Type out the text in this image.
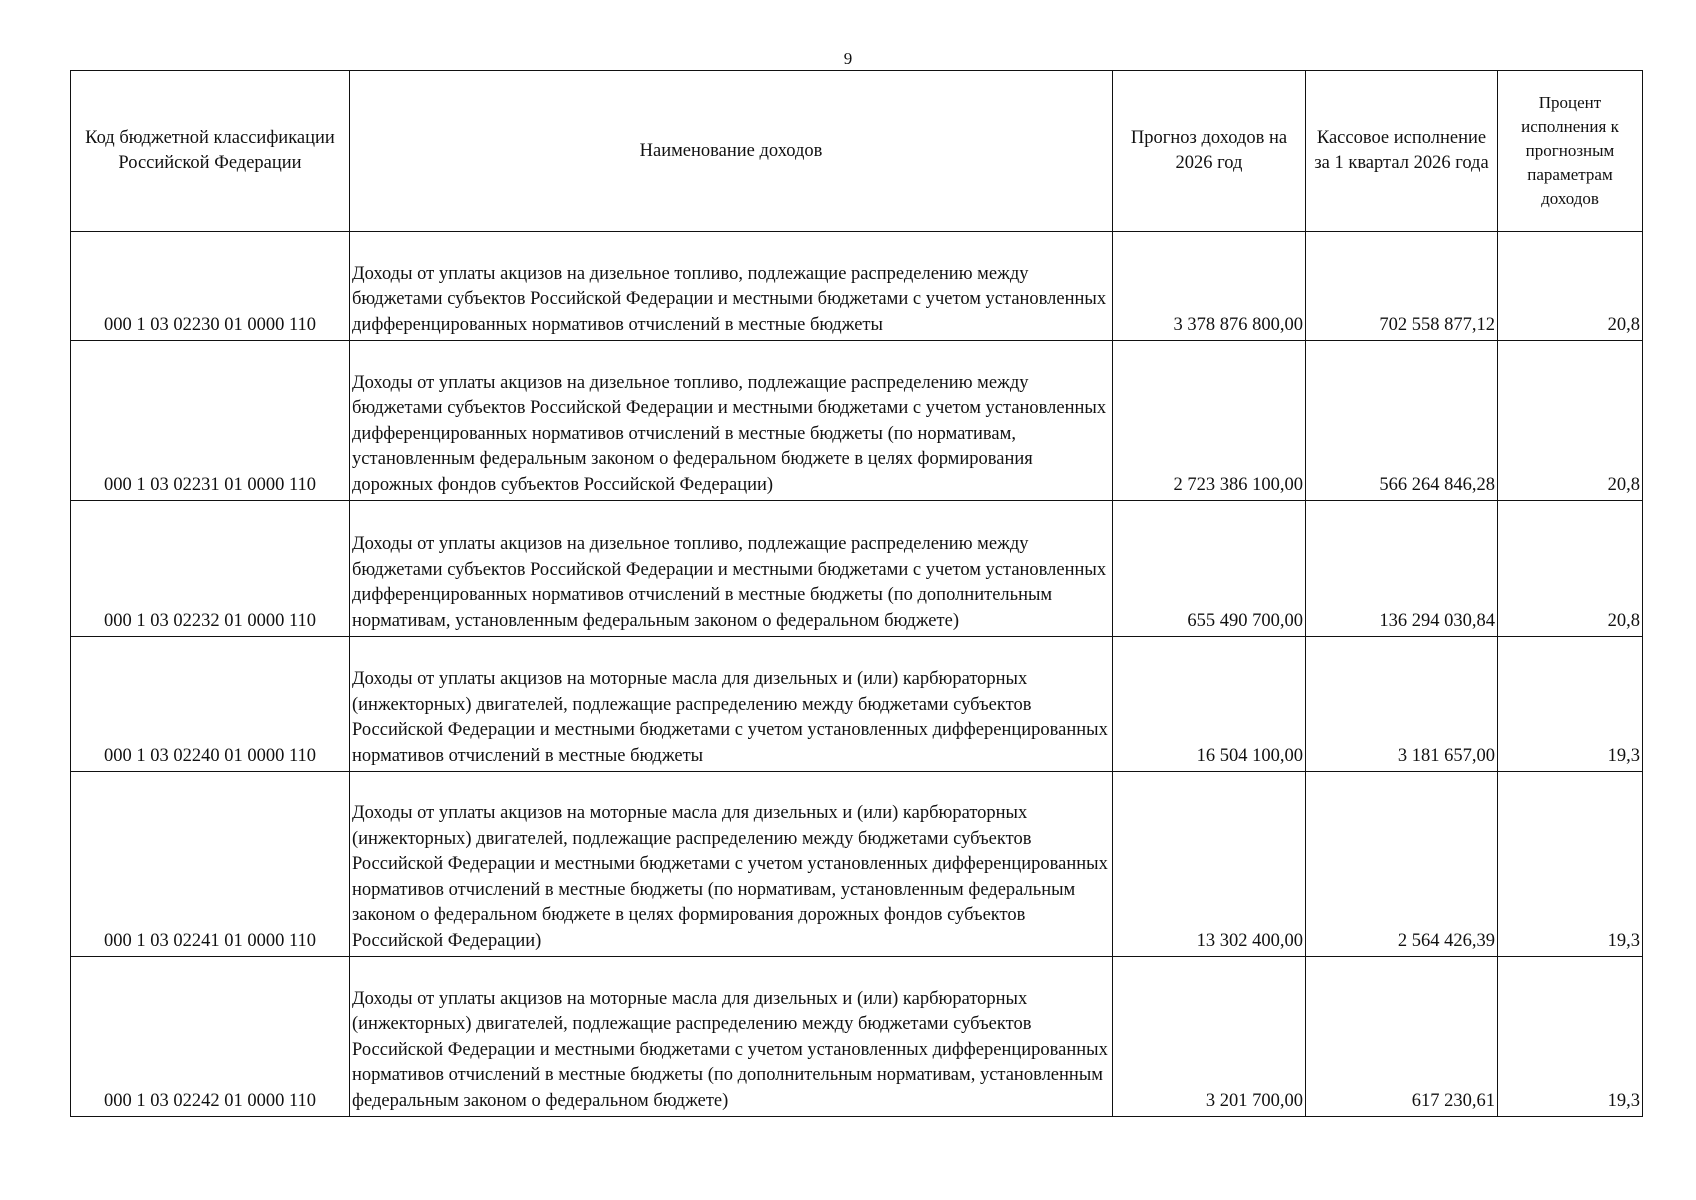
9
Код бюджетной классификации Российской Федерации	Наименование доходов	Прогноз доходов на 2026 год	Кассовое исполнение за 1 квартал 2026 года	Процент исполнения к прогнозным параметрам доходов
000 1 03 02230 01 0000 110	Доходы от уплаты акцизов на дизельное топливо, подлежащие распределению между бюджетами субъектов Российской Федерации и местными бюджетами с учетом установленных дифференцированных нормативов отчислений в местные бюджеты	3 378 876 800,00	702 558 877,12	20,8
000 1 03 02231 01 0000 110	Доходы от уплаты акцизов на дизельное топливо, подлежащие распределению между бюджетами субъектов Российской Федерации и местными бюджетами с учетом установленных дифференцированных нормативов отчислений в местные бюджеты (по нормативам, установленным федеральным законом о федеральном бюджете в целях формирования дорожных фондов субъектов Российской Федерации)	2 723 386 100,00	566 264 846,28	20,8
000 1 03 02232 01 0000 110	Доходы от уплаты акцизов на дизельное топливо, подлежащие распределению между бюджетами субъектов Российской Федерации и местными бюджетами с учетом установленных дифференцированных нормативов отчислений в местные бюджеты (по дополнительным нормативам, установленным федеральным законом о федеральном бюджете)	655 490 700,00	136 294 030,84	20,8
000 1 03 02240 01 0000 110	Доходы от уплаты акцизов на моторные масла для дизельных и (или) карбюраторных (инжекторных) двигателей, подлежащие распределению между бюджетами субъектов Российской Федерации и местными бюджетами с учетом установленных дифференцированных нормативов отчислений в местные бюджеты	16 504 100,00	3 181 657,00	19,3
000 1 03 02241 01 0000 110	Доходы от уплаты акцизов на моторные масла для дизельных и (или) карбюраторных (инжекторных) двигателей, подлежащие распределению между бюджетами субъектов Российской Федерации и местными бюджетами с учетом установленных дифференцированных нормативов отчислений в местные бюджеты (по нормативам, установленным федеральным законом о федеральном бюджете в целях формирования дорожных фондов субъектов Российской Федерации)	13 302 400,00	2 564 426,39	19,3
000 1 03 02242 01 0000 110	Доходы от уплаты акцизов на моторные масла для дизельных и (или) карбюраторных (инжекторных) двигателей, подлежащие распределению между бюджетами субъектов Российской Федерации и местными бюджетами с учетом установленных дифференцированных нормативов отчислений в местные бюджеты (по дополнительным нормативам, установленным федеральным законом о федеральном бюджете)	3 201 700,00	617 230,61	19,3
